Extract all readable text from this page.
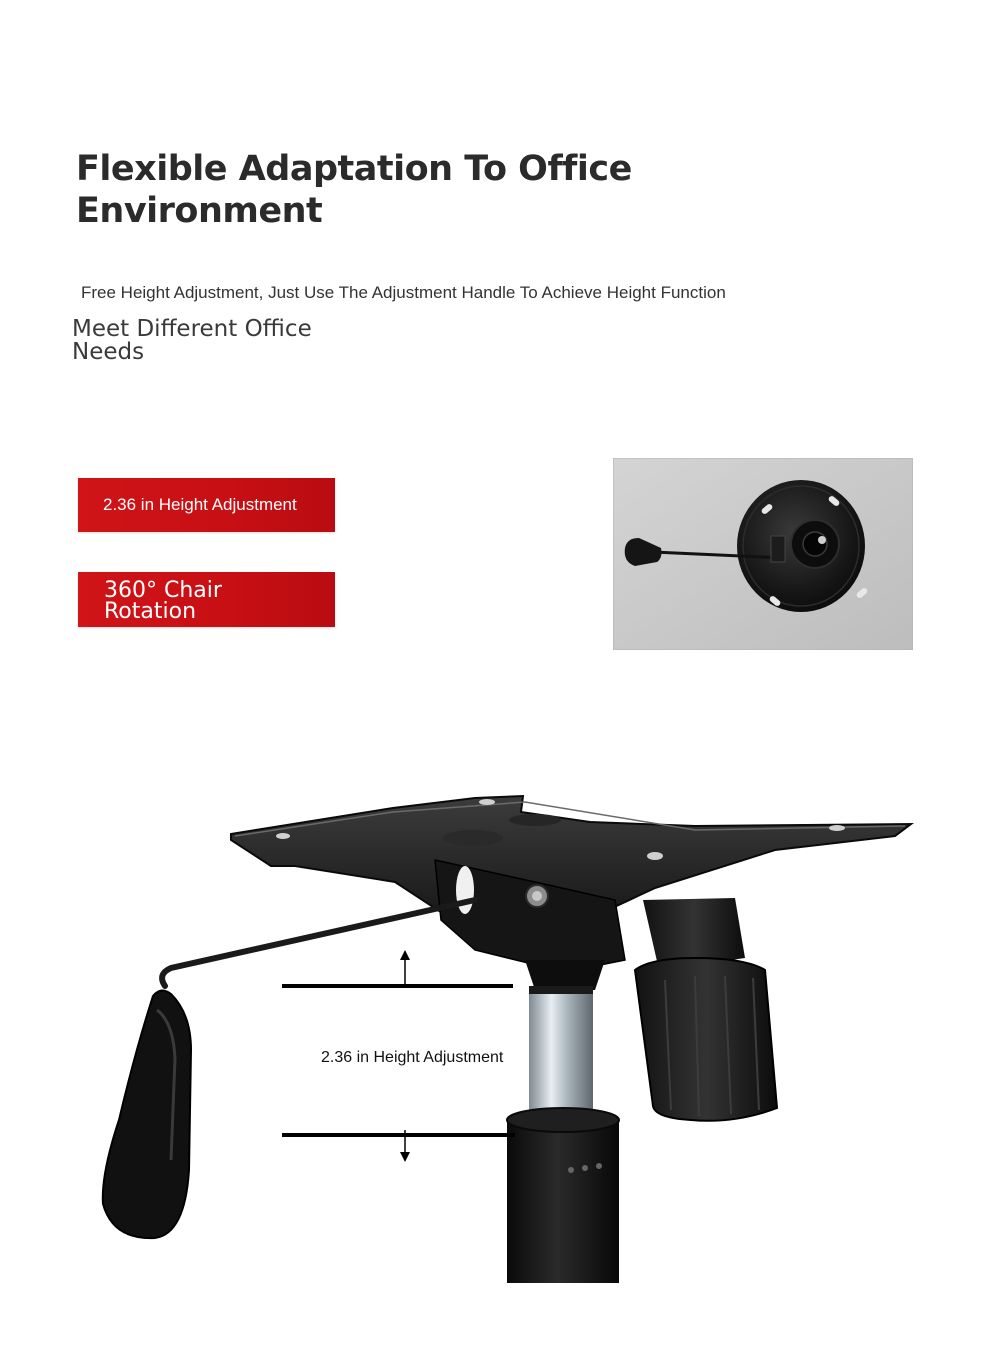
Flexible Adaptation To Office
Environment
Free Height Adjustment, Just Use The Adjustment Handle To Achieve Height Function
Meet Different Office
Needs
2.36 in Height Adjustment
360° Chair
Rotation
2.36 in Height Adjustment
